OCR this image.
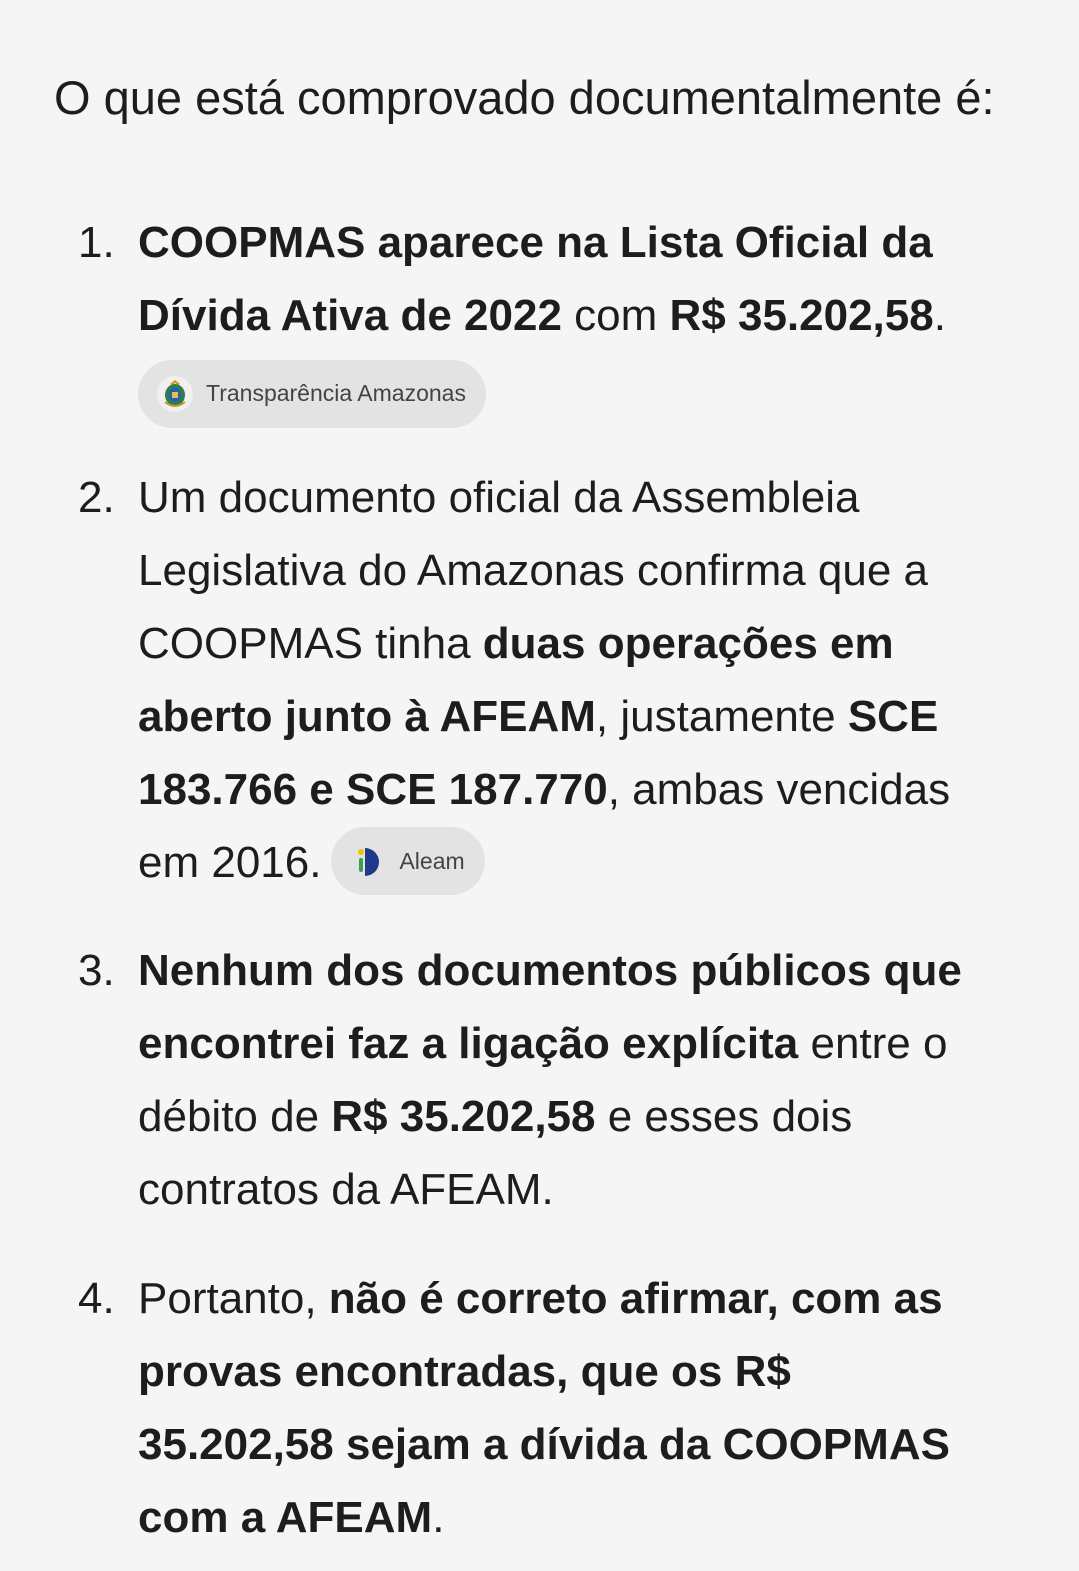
O que está comprovado documentalmente é:

1. COOPMAS aparece na Lista Oficial da
Dívida Ativa de 2022 com R$ 35.202,58.
Transparência Amazonas
2. Um documento oficial da Assembleia
Legislativa do Amazonas confirma que a
COOPMAS tinha duas operações em
aberto junto à AFEAM, justamente SCE
183.766 e SCE 187.770, ambas vencidas
em 2016.	Aleam
3. Nenhum dos documentos públicos que
encontrei faz a ligação explícita entre o
débito de R$ 35.202,58 e esses dois
contratos da AFEAM.
4. Portanto, não é correto afirmar, com as
provas encontradas, que os R$
35.202,58 sejam a dívida da COOPMAS
com a AFEAM.
